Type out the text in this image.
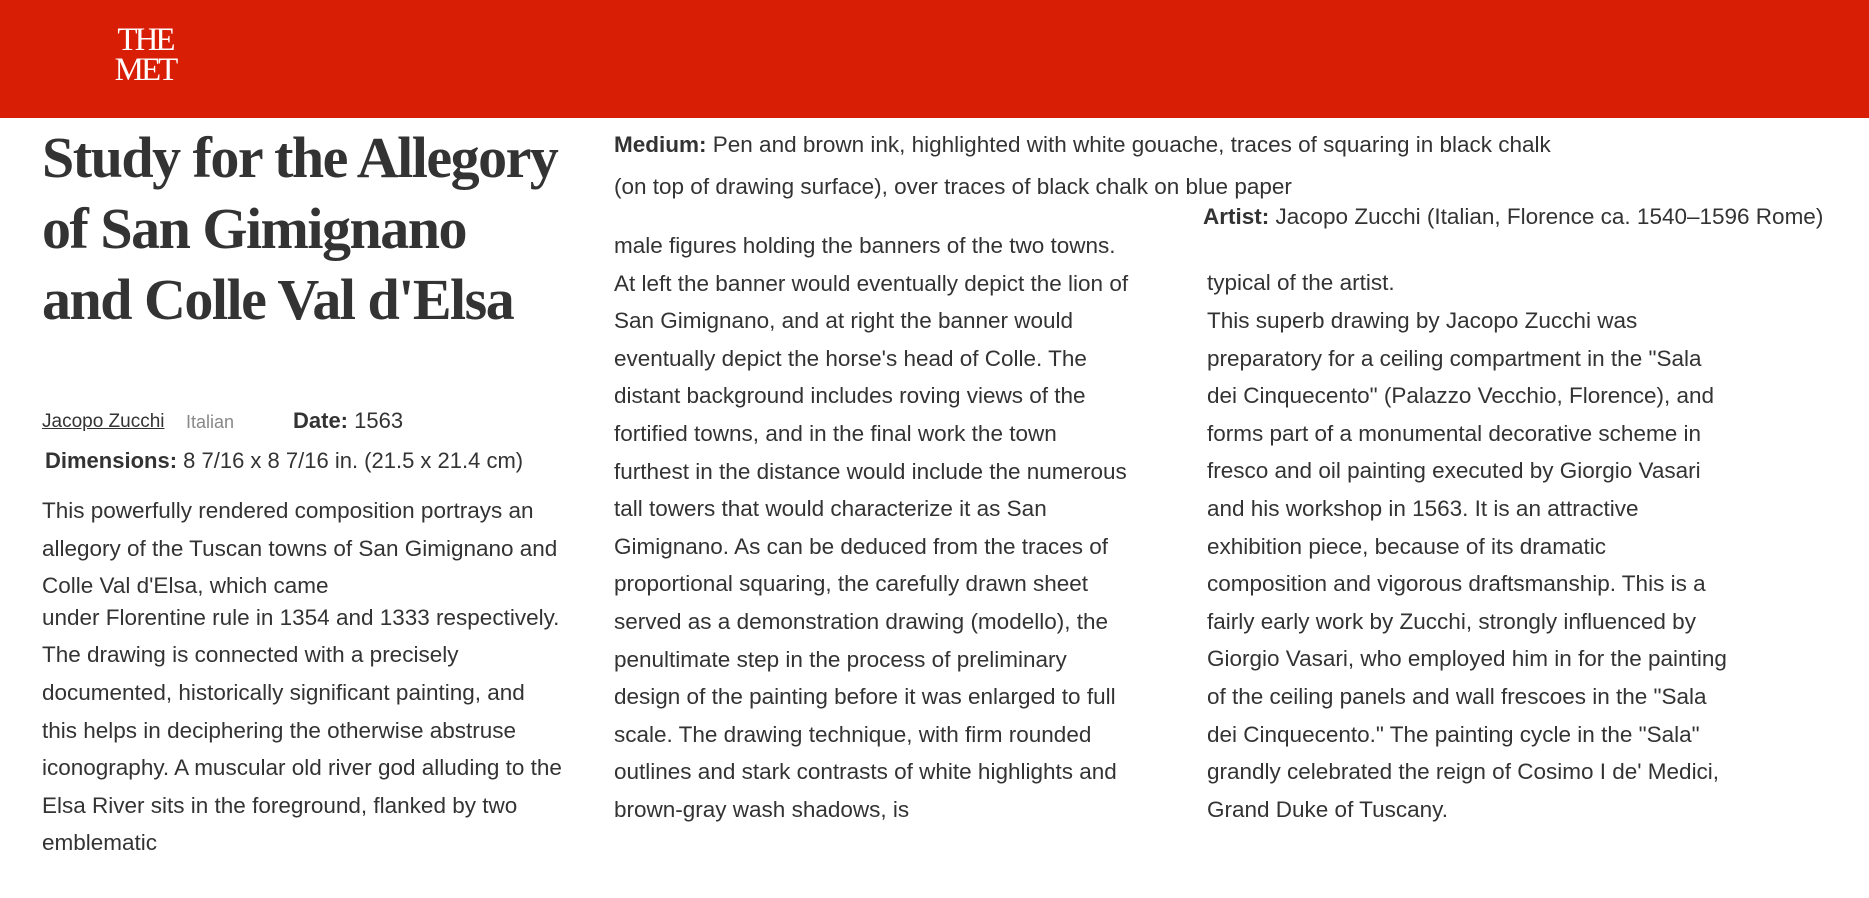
THE
MET
Study for the Allegory of San Gimignano and Colle Val d'Elsa
Jacopo Zucchi Italian	Date: 1563
Dimensions: 8 7/16 x 8 7/16 in. (21.5 x 21.4 cm)

This powerfully rendered composition portrays an allegory of the Tuscan towns of San Gimignano and Colle Val d'Elsa, which came

under Florentine rule in 1354 and 1333 respectively. The drawing is connected with a precisely documented, historically significant painting, and this helps in deciphering the otherwise abstruse iconography. A muscular old river god alluding to the Elsa River sits in the foreground, flanked by two emblematic

Medium: Pen and brown ink, highlighted with white gouache, traces of squaring in black chalk (on top of drawing surface), over traces of black chalk on blue paper
Artist: Jacopo Zucchi (Italian, Florence ca. 1540–1596 Rome)

male figures holding the banners of the two towns. At left the banner would eventually depict the lion of San Gimignano, and at right the banner would eventually depict the horse's head of Colle. The distant background includes roving views of the fortified towns, and in the final work the town furthest in the distance would include the numerous tall towers that would characterize it as San Gimignano. As can be deduced from the traces of proportional squaring, the carefully drawn sheet served as a demonstration drawing (modello), the penultimate step in the process of preliminary design of the painting before it was enlarged to full scale. The drawing technique, with firm rounded outlines and stark contrasts of white highlights and brown-gray wash shadows, is

typical of the artist.

This superb drawing by Jacopo Zucchi was preparatory for a ceiling compartment in the "Sala dei Cinquecento" (Palazzo Vecchio, Florence), and forms part of a monumental decorative scheme in fresco and oil painting executed by Giorgio Vasari and his workshop in 1563. It is an attractive exhibition piece, because of its dramatic composition and vigorous draftsmanship. This is a fairly early work by Zucchi, strongly influenced by Giorgio Vasari, who employed him in for the painting of the ceiling panels and wall frescoes in the "Sala dei Cinquecento." The painting cycle in the "Sala" grandly celebrated the reign of Cosimo I de' Medici, Grand Duke of Tuscany.
